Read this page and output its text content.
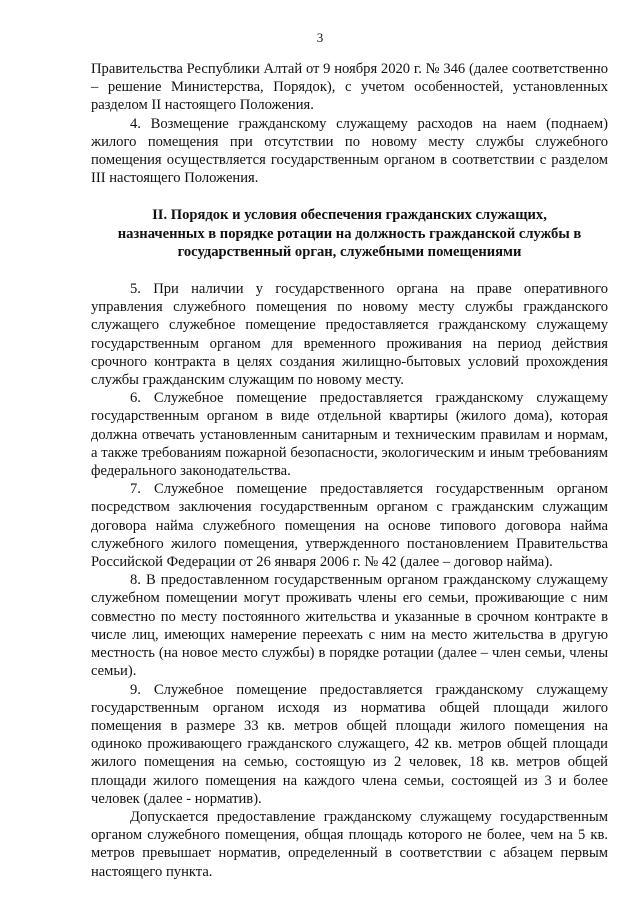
3

Правительства Республики Алтай от 9 ноября 2020 г. № 346 (далее соответственно – решение Министерства, Порядок), с учетом особенностей, установленных разделом II настоящего Положения.

4. Возмещение гражданскому служащему расходов на наем (поднаем) жилого помещения при отсутствии по новому месту службы служебного помещения осуществляется государственным органом в соответствии с разделом III настоящего Положения.

II. Порядок и условия обеспечения гражданских служащих,
назначенных в порядке ротации на должность гражданской службы в
государственный орган, служебными помещениями

5. При наличии у государственного органа на праве оперативного управления служебного помещения по новому месту службы гражданского служащего служебное помещение предоставляется гражданскому служащему государственным органом для временного проживания на период действия срочного контракта в целях создания жилищно-бытовых условий прохождения службы гражданским служащим по новому месту.

6. Служебное помещение предоставляется гражданскому служащему государственным органом в виде отдельной квартиры (жилого дома), которая должна отвечать установленным санитарным и техническим правилам и нормам, а также требованиям пожарной безопасности, экологическим и иным требованиям федерального законодательства.

7. Служебное помещение предоставляется государственным органом посредством заключения государственным органом с гражданским служащим договора найма служебного помещения на основе типового договора найма служебного жилого помещения, утвержденного постановлением Правительства Российской Федерации от 26 января 2006 г. № 42 (далее – договор найма).

8. В предоставленном государственным органом гражданскому служащему служебном помещении могут проживать члены его семьи, проживающие с ним совместно по месту постоянного жительства и указанные в срочном контракте в числе лиц, имеющих намерение переехать с ним на место жительства в другую местность (на новое место службы) в порядке ротации (далее – член семьи, члены семьи).

9. Служебное помещение предоставляется гражданскому служащему государственным органом исходя из норматива общей площади жилого помещения в размере 33 кв. метров общей площади жилого помещения на одиноко проживающего гражданского служащего, 42 кв. метров общей площади жилого помещения на семью, состоящую из 2 человек, 18 кв. метров общей площади жилого помещения на каждого члена семьи, состоящей из 3 и более человек (далее - норматив).

Допускается предоставление гражданскому служащему государственным органом служебного помещения, общая площадь которого не более, чем на 5 кв. метров превышает норматив, определенный в соответствии с абзацем первым настоящего пункта.
